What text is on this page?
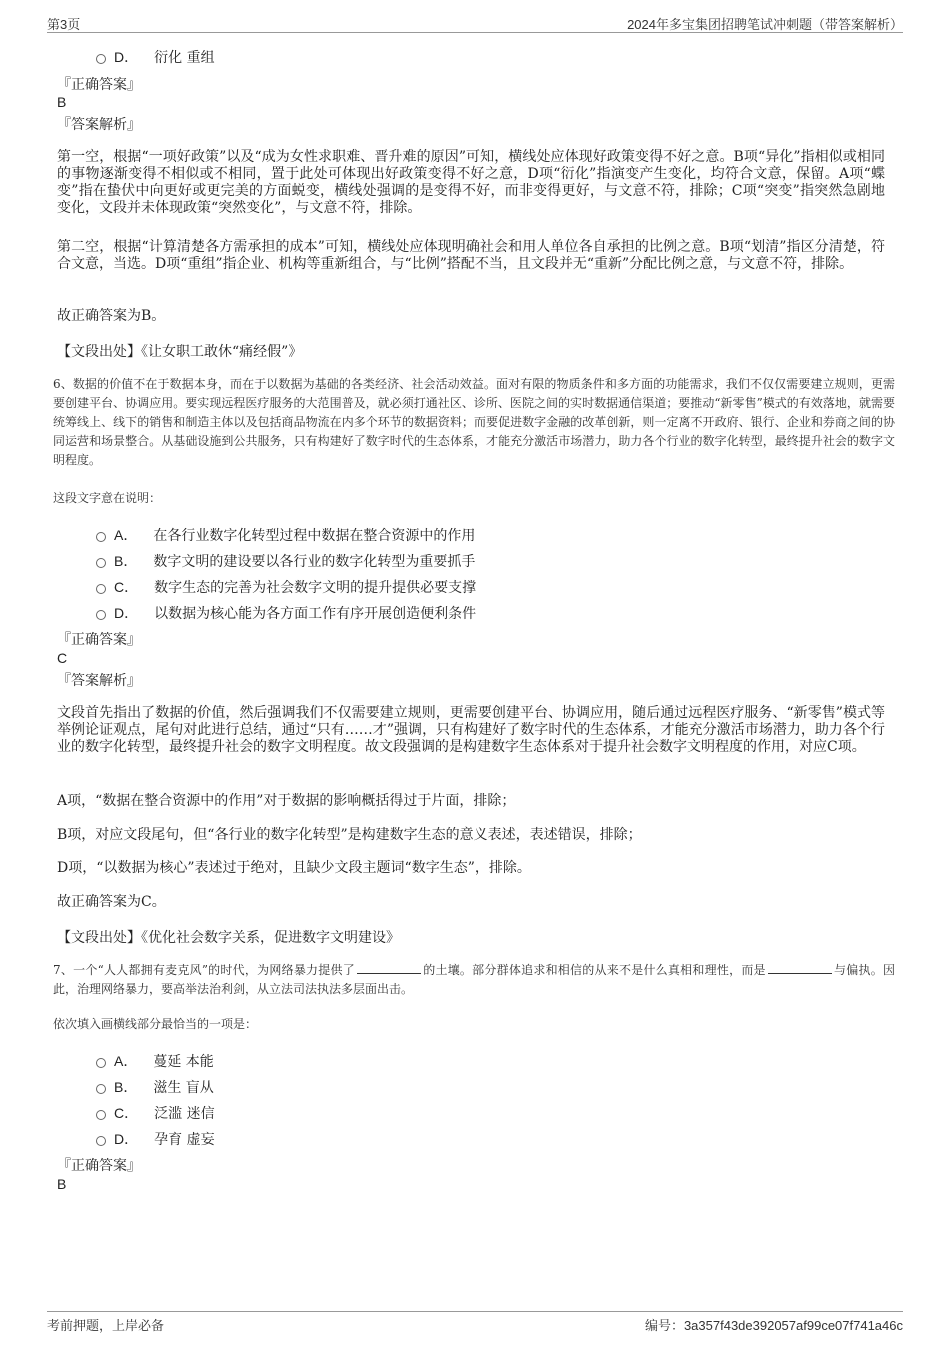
第3页	2024年多宝集团招聘笔试冲刺题（带答案解析）
D． 衍化 重组
『正确答案』
B
『答案解析』
第一空，根据“一项好政策”以及“成为女性求职难、晋升难的原因”可知，横线处应体现好政策变得不好之意。B项“异化”指相似或相同的事物逐渐变得不相似或不相同，置于此处可体现出好政策变得不好之意，D项“衍化”指演变产生变化，均符合文意，保留。A项“蝶变”指在蛰伏中向更好或更完美的方面蜕变，横线处强调的是变得不好，而非变得更好，与文意不符，排除；C项“突变”指突然急剧地变化，文段并未体现政策“突然变化”，与文意不符，排除。
第二空，根据“计算清楚各方需承担的成本”可知，横线处应体现明确社会和用人单位各自承担的比例之意。B项“划清”指区分清楚，符合文意，当选。D项“重组”指企业、机构等重新组合，与“比例”搭配不当，且文段并无“重新”分配比例之意，与文意不符，排除。
故正确答案为B。
【文段出处】《让女职工敢休“痛经假”》
6、数据的价值不在于数据本身，而在于以数据为基础的各类经济、社会活动效益。面对有限的物质条件和多方面的功能需求，我们不仅仅需要建立规则，更需要创建平台、协调应用。要实现远程医疗服务的大范围普及，就必须打通社区、诊所、医院之间的实时数据通信渠道；要推动“新零售”模式的有效落地，就需要统筹线上、线下的销售和制造主体以及包括商品物流在内多个环节的数据资料；而要促进数字金融的改革创新，则一定离不开政府、银行、企业和券商之间的协同运营和场景整合。从基础设施到公共服务，只有构建好了数字时代的生态体系，才能充分激活市场潜力，助力各个行业的数字化转型，最终提升社会的数字文明程度。
这段文字意在说明：
A． 在各行业数字化转型过程中数据在整合资源中的作用
B． 数字文明的建设要以各行业的数字化转型为重要抓手
C． 数字生态的完善为社会数字文明的提升提供必要支撑
D． 以数据为核心能为各方面工作有序开展创造便利条件
『正确答案』
C
『答案解析』
文段首先指出了数据的价值，然后强调我们不仅需要建立规则，更需要创建平台、协调应用，随后通过远程医疗服务、“新零售”模式等举例论证观点，尾句对此进行总结，通过“只有……才”强调，只有构建好了数字时代的生态体系，才能充分激活市场潜力，助力各个行业的数字化转型，最终提升社会的数字文明程度。故文段强调的是构建数字生态体系对于提升社会数字文明程度的作用，对应C项。
A项，“数据在整合资源中的作用”对于数据的影响概括得过于片面，排除；
B项，对应文段尾句，但“各行业的数字化转型”是构建数字生态的意义表述，表述错误，排除；
D项，“以数据为核心”表述过于绝对，且缺少文段主题词“数字生态”，排除。
故正确答案为C。
【文段出处】《优化社会数字关系，促进数字文明建设》
7、一个“人人都拥有麦克风”的时代，为网络暴力提供了	的土壤。部分群体追求和相信的从来不是什么真相和理性，而是	与偏执。因此，治理网络暴力，要高举法治利剑，从立法司法执法多层面出击。
依次填入画横线部分最恰当的一项是：
A． 蔓延 本能
B． 滋生 盲从
C． 泛滥 迷信
D． 孕育 虚妄
『正确答案』
B
考前押题，上岸必备	编号：3a357f43de392057af99ce07f741a46c
